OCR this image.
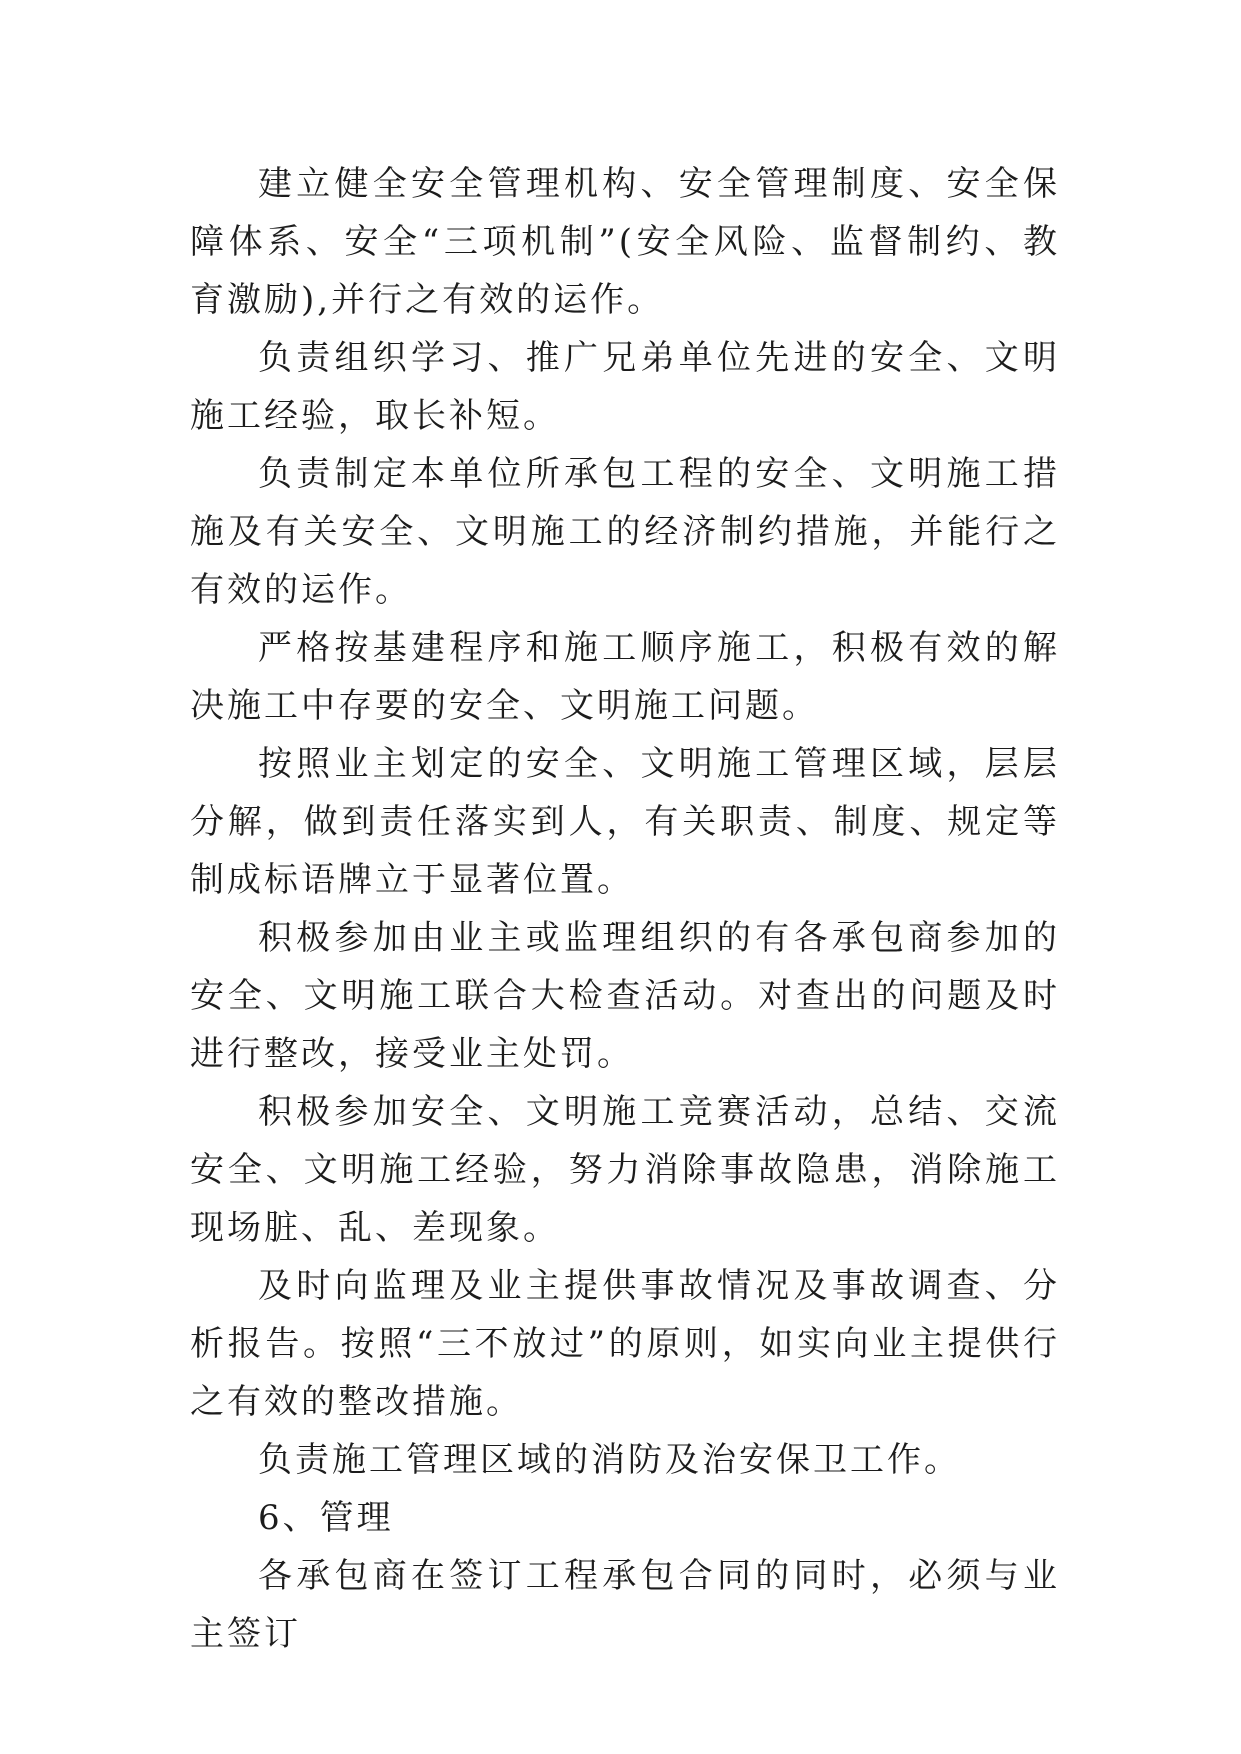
建立健全安全管理机构、安全管理制度、安全保障体系、安全“三项机制”(安全风险、监督制约、教育激励),并行之有效的运作。

负责组织学习、推广兄弟单位先进的安全、文明施工经验，取长补短。

负责制定本单位所承包工程的安全、文明施工措施及有关安全、文明施工的经济制约措施，并能行之有效的运作。

严格按基建程序和施工顺序施工，积极有效的解决施工中存要的安全、文明施工问题。

按照业主划定的安全、文明施工管理区域，层层分解，做到责任落实到人，有关职责、制度、规定等制成标语牌立于显著位置。

积极参加由业主或监理组织的有各承包商参加的安全、文明施工联合大检查活动。对查出的问题及时进行整改，接受业主处罚。

积极参加安全、文明施工竞赛活动，总结、交流安全、文明施工经验，努力消除事故隐患，消除施工现场脏、乱、差现象。

及时向监理及业主提供事故情况及事故调查、分析报告。按照“三不放过”的原则，如实向业主提供行之有效的整改措施。

负责施工管理区域的消防及治安保卫工作。

6、管理

各承包商在签订工程承包合同的同时，必须与业主签订
